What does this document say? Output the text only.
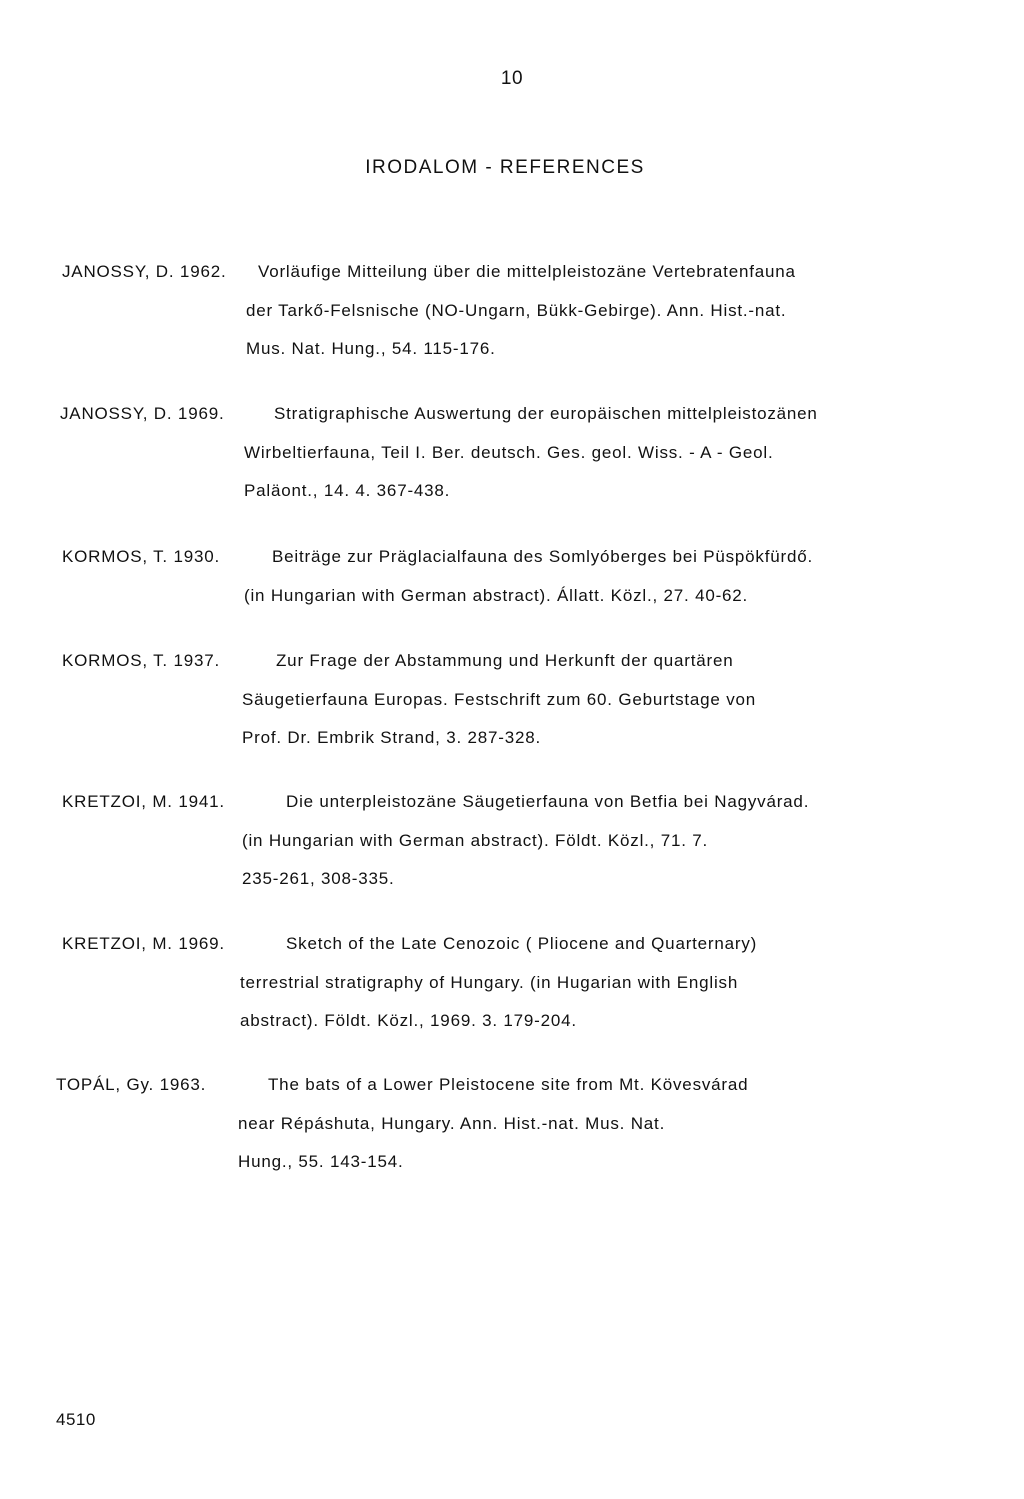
10
IRODALOM - REFERENCES
JANOSSY, D. 1962. Vorläufige Mitteilung über die mittelpleistozäne Vertebratenfauna
der Tarkő-Felsnische (NO-Ungarn, Bükk-Gebirge). Ann. Hist.-nat.
Mus. Nat. Hung., 54. 115-176.
JANOSSY, D. 1969.	Stratigraphische Auswertung der europäischen mittelpleistozänen
Wirbeltierfauna, Teil I. Ber. deutsch. Ges. geol. Wiss. - A - Geol.
Paläont., 14. 4. 367-438.
KORMOS, T. 1930.	Beiträge zur Präglacialfauna des Somlyóberges bei Püspökfürdő.
(in Hungarian with German abstract). Állatt. Közl., 27. 40-62.
KORMOS, T. 1937.	Zur Frage der Abstammung und Herkunft der quartären
Säugetierfauna Europas. Festschrift zum 60. Geburtstage von
Prof. Dr. Embrik Strand, 3. 287-328.
KRETZOI, M. 1941.	Die unterpleistozäne Säugetierfauna von Betfia bei Nagyvárad.
(in Hungarian with German abstract). Földt. Közl., 71. 7.
235-261, 308-335.
KRETZOI, M. 1969.	Sketch of the Late Cenozoic ( Pliocene and Quarternary)
terrestrial stratigraphy of Hungary. (in Hugarian with English
abstract). Földt. Közl., 1969. 3. 179-204.
TOPÁL, Gy. 1963.	The bats of a Lower Pleistocene site from Mt. Kövesvárad
near Répáshuta, Hungary. Ann. Hist.-nat. Mus. Nat.
Hung., 55. 143-154.
4510
